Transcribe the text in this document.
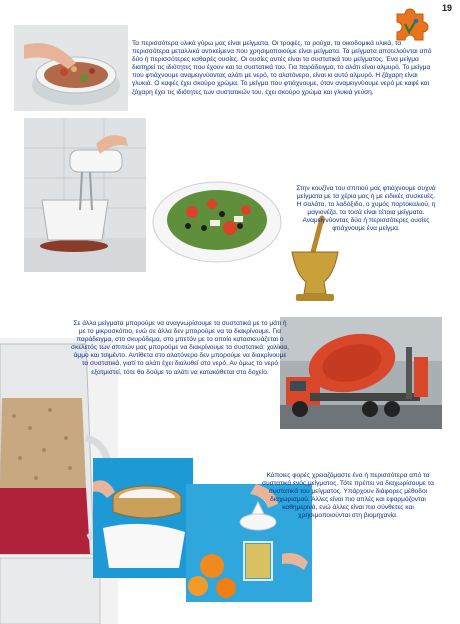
19
Τα περισσότερα υλικά γύρω μας είναι μείγματα. Οι τροφές, τα ρούχα, τα οικοδομικά υλικά, τα περισσότερα μεταλλικά αντικείμενα που χρησιμοποιούμε είναι μείγματα. Τα μείγματα αποτελούνται από δύο ή περισσότερες καθαρές ουσίες. Οι ουσίες αυτές είναι τα συστατικά του μείγματος. Ένα μείγμα διατηρεί τις ιδιότητες που έχουν και τα συστατικά του. Για παράδειγμα, το αλάτι είναι αλμυρό. Το μείγμα που φτιάχνουμε αναμειγνύοντας αλάτι με νερό, το αλατόνερο, είναι κι αυτό αλμυρό. Η ζάχαρη είναι γλυκιά. Ο καφές έχει σκούρο χρώμα. Το μείγμα που φτιάχνουμε, όταν αναμειγνύουμε νερό με καφέ και ζάχαρη έχει τις ιδιότητες των συστατικών του, έχει σκούρο χρώμα και γλυκιά γεύση.
Στην κουζίνα του σπιτιού μας φτιάχνουμε συχνά μείγματα με τα χέρια μας ή με ειδικές συσκευές. Η σαλάτα, το λαδόξιδο, ο χυμός πορτοκαλιού, η μαγιονέζα, τα τοσά είναι τέτοια μείγματα. Αναμειγνύοντας δύο ή περισσότερες ουσίες φτιάχνουμε ένα μείγμα.
Σε άλλα μείγματα μπορούμε να αναγνωρίσουμε τα συστατικά με το μάτι ή με το μικροσκόπιο, ενώ σε άλλα δεν μπορούμε να τα διακρίνουμε. Για παράδειγμα, στο σκυρόδεμα, στο μπετόν με το οποίο κατασκευάζεται ο σκελετός των σπιτιών μας μπορούμε να διακρίνουμε τα συστατικά: χαλίκια, άμμο και τσιμέντο. Αντίθετα στο αλατόνερο δεν μπορούμε να διακρίνουμε τα συστατικά, γιατί το αλάτι έχει διαλυθεί στο νερό. Αν όμως το νερό εξατμιστεί, τότε θα δούμε το αλάτι να κατακάθεται στο δοχείο.
Κάποιες φορές χρειαζόμαστε ένα ή περισσότερα από τα συστατικά ενός μείγματος. Τότε πρέπει να διαχωρίσουμε τα συστατικά του μείγματος. Υπάρχουν διάφορες μέθοδοι διαχωρισμού. Άλλες είναι πιο απλές και εφαρμόζονται καθημερινά, ενώ άλλες είναι πιο σύνθετες και χρησιμοποιούνται στη βιομηχανία.
